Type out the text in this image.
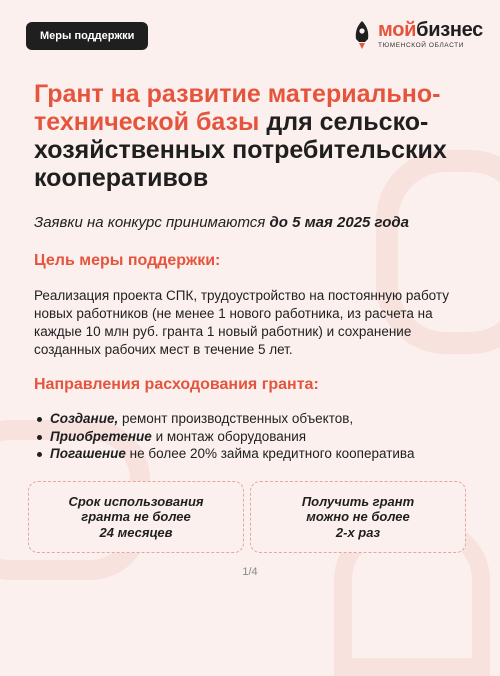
Меры поддержки	мойбизнес
ТЮМЕНСКОЙ ОБЛАСТИ
Грант на развитие материально-технической базы для сельско-хозяйственных потребительских кооперативов
Заявки на конкурс принимаются до 5 мая 2025 года
Цель меры поддержки:
Реализация проекта СПК, трудоустройство на постоянную работу новых работников (не менее 1 нового работника, из расчета на каждые 10 млн руб. гранта 1 новый работник) и сохранение созданных рабочих мест в течение 5 лет.
Направления расходования гранта:
Создание, ремонт производственных объектов,
Приобретение и монтаж оборудования
Погашение не более 20% займа кредитного кооператива
Срок использования
гранта не более
24 месяцев
Получить грант
можно не более
2-х раз
1/4
